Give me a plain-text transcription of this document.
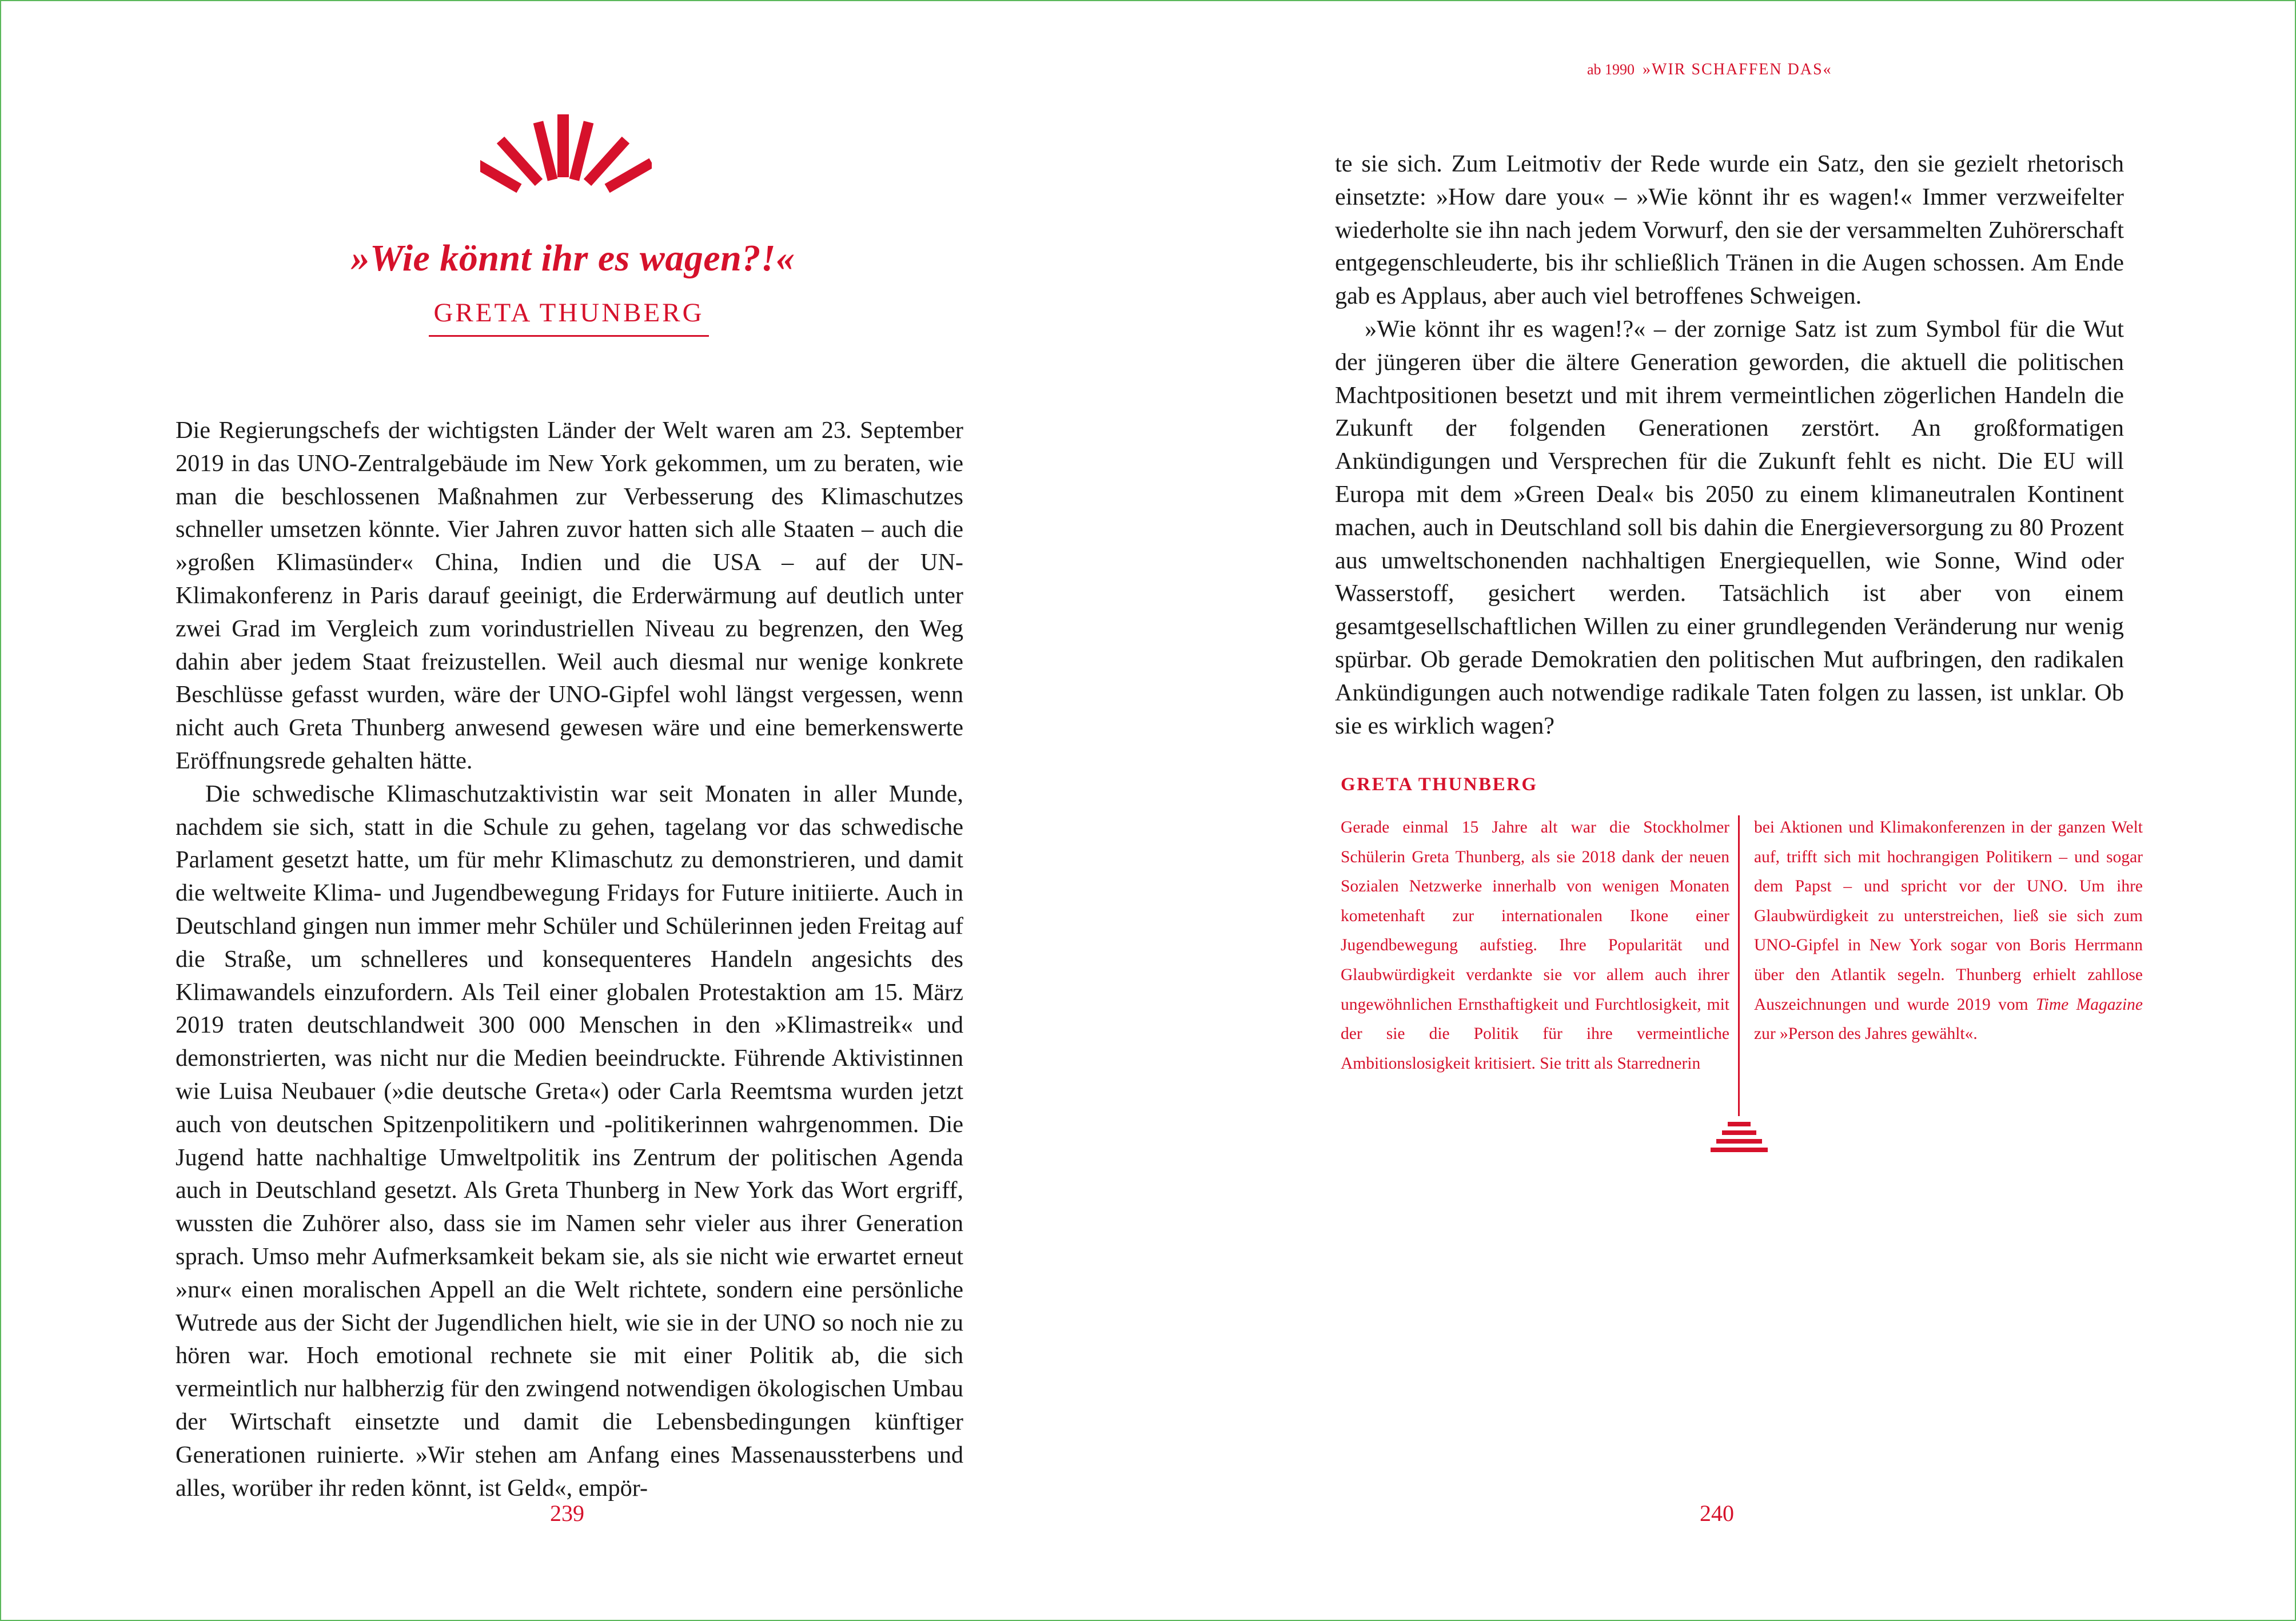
»Wie könnt ihr es wagen?!«
GRETA THUNBERG

Die Regierungschefs der wichtigsten Länder der Welt waren am 23. September 2019 in das UNO-Zentralgebäude im New York gekommen, um zu beraten, wie man die beschlossenen Maßnahmen zur Verbesserung des Klimaschutzes schneller umsetzen könnte. Vier Jahren zuvor hatten sich alle Staaten – auch die »großen Klimasünder« China, Indien und die USA – auf der UN-Klimakonferenz in Paris darauf geeinigt, die Erderwärmung auf deutlich unter zwei Grad im Vergleich zum vorindustriellen Niveau zu begrenzen, den Weg dahin aber jedem Staat freizustellen. Weil auch diesmal nur wenige konkrete Beschlüsse gefasst wurden, wäre der UNO-Gipfel wohl längst vergessen, wenn nicht auch Greta Thunberg anwesend gewesen wäre und eine bemerkenswerte Eröffnungsrede gehalten hätte.

Die schwedische Klimaschutzaktivistin war seit Monaten in aller Munde, nachdem sie sich, statt in die Schule zu gehen, tagelang vor das schwedische Parlament gesetzt hatte, um für mehr Klimaschutz zu demonstrieren, und damit die weltweite Klima- und Jugendbewegung Fridays for Future initiierte. Auch in Deutschland gingen nun immer mehr Schüler und Schülerinnen jeden Freitag auf die Straße, um schnelleres und konsequenteres Handeln angesichts des Klimawandels einzufordern. Als Teil einer globalen Protestaktion am 15. März 2019 traten deutschlandweit 300 000 Menschen in den »Klimastreik« und demonstrierten, was nicht nur die Medien beeindruckte. Führende Aktivistinnen wie Luisa Neubauer (»die deutsche Greta«) oder Carla Reemtsma wurden jetzt auch von deutschen Spitzenpolitikern und -politikerinnen wahrgenommen. Die Jugend hatte nachhaltige Umweltpolitik ins Zentrum der politischen Agenda auch in Deutschland gesetzt. Als Greta Thunberg in New York das Wort ergriff, wussten die Zuhörer also, dass sie im Namen sehr vieler aus ihrer Generation sprach. Umso mehr Aufmerksamkeit bekam sie, als sie nicht wie erwartet erneut »nur« einen moralischen Appell an die Welt richtete, sondern eine persönliche Wutrede aus der Sicht der Jugendlichen hielt, wie sie in der UNO so noch nie zu hören war. Hoch emotional rechnete sie mit einer Politik ab, die sich vermeintlich nur halbherzig für den zwingend notwendigen ökologischen Umbau der Wirtschaft einsetzte und damit die Lebensbedingungen künftiger Generationen ruinierte. »Wir stehen am Anfang eines Massenaussterbens und alles, worüber ihr reden könnt, ist Geld«, empör-

239
ab 1990 »WIR SCHAFFEN DAS«

te sie sich. Zum Leitmotiv der Rede wurde ein Satz, den sie gezielt rhetorisch einsetzte: »How dare you« – »Wie könnt ihr es wagen!« Immer verzweifelter wiederholte sie ihn nach jedem Vorwurf, den sie der versammelten Zuhörerschaft entgegenschleuderte, bis ihr schließlich Tränen in die Augen schossen. Am Ende gab es Applaus, aber auch viel betroffenes Schweigen.

»Wie könnt ihr es wagen!?« – der zornige Satz ist zum Symbol für die Wut der jüngeren über die ältere Generation geworden, die aktuell die politischen Machtpositionen besetzt und mit ihrem vermeintlichen zögerlichen Handeln die Zukunft der folgenden Generationen zerstört. An großformatigen Ankündigungen und Versprechen für die Zukunft fehlt es nicht. Die EU will Europa mit dem »Green Deal« bis 2050 zu einem klimaneutralen Kontinent machen, auch in Deutschland soll bis dahin die Energieversorgung zu 80 Prozent aus umweltschonenden nachhaltigen Energiequellen, wie Sonne, Wind oder Wasserstoff, gesichert werden. Tatsächlich ist aber von einem gesamtgesellschaftlichen Willen zu einer grundlegenden Veränderung nur wenig spürbar. Ob gerade Demokratien den politischen Mut aufbringen, den radikalen Ankündigungen auch notwendige radikale Taten folgen zu lassen, ist unklar. Ob sie es wirklich wagen?

GRETA THUNBERG

Gerade einmal 15 Jahre alt war die Stockholmer Schülerin Greta Thunberg, als sie 2018 dank der neuen Sozialen Netzwerke innerhalb von wenigen Monaten kometenhaft zur internationalen Ikone einer Jugendbewegung aufstieg. Ihre Popularität und Glaubwürdigkeit verdankte sie vor allem auch ihrer ungewöhnlichen Ernsthaftigkeit und Furchtlosigkeit, mit der sie die Politik für ihre vermeintliche Ambitionslosigkeit kritisiert. Sie tritt als Starrednerin

bei Aktionen und Klimakonferenzen in der ganzen Welt auf, trifft sich mit hochrangigen Politikern – und sogar dem Papst – und spricht vor der UNO. Um ihre Glaubwürdigkeit zu unterstreichen, ließ sie sich zum UNO-Gipfel in New York sogar von Boris Herrmann über den Atlantik segeln. Thunberg erhielt zahllose Auszeichnungen und wurde 2019 vom Time Magazine zur »Person des Jahres gewählt«.

240
